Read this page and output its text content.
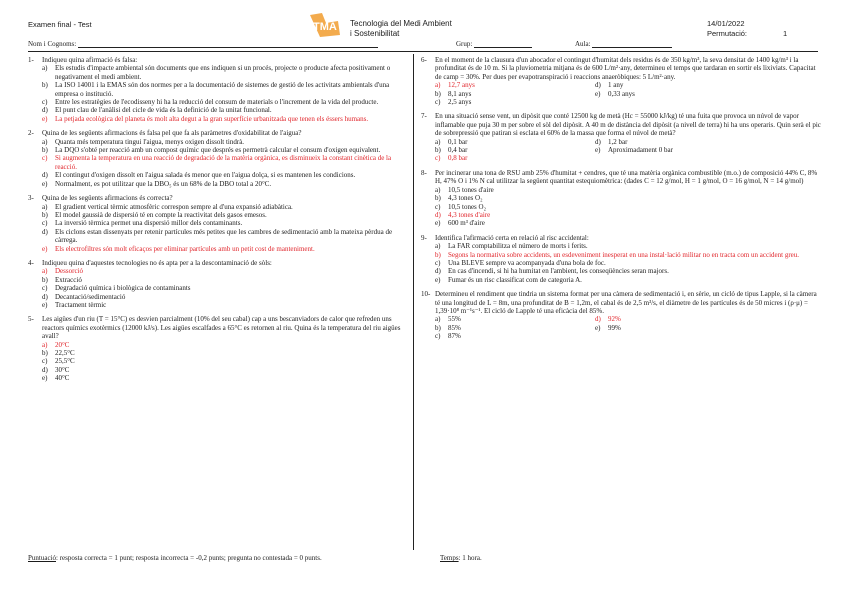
Examen final - Test	TMA Tecnologia del Medi Ambient
i Sostenibilitat
14/01/2022
Permutació:	1
Nom i Cognoms:	Grup:	Aula:
1- Indiqueu quina afirmació és falsa:
a) Els estudis d'impacte ambiental són documents que ens indiquen si un procés, projecte o producte afecta positivament o negativament el medi ambient.
b) La ISO 14001 i la EMAS són dos normes per a la documentació de sistemes de gestió de les activitats ambientals d'una empresa o institució.
c) Entre les estratègies de l'ecodisseny hi ha la reducció del consum de materials o l'increment de la vida del producte.
d) El punt clau de l'anàlisi del cicle de vida és la definició de la unitat funcional.
e) La petjada ecològica del planeta és molt alta degut a la gran superfície urbanitzada que tenen els éssers humans.
2- Quina de les següents afirmacions és falsa pel que fa als paràmetres d'oxidabilitat de l'aigua?
a) Quanta més temperatura tingui l'aigua, menys oxigen dissolt tindrà.
b) La DQO s'obté per reacció amb un compost químic que després es permetrà calcular el consum d'oxigen equivalent.
c) Si augmenta la temperatura en una reacció de degradació de la matèria orgànica, es disminueix la constant cinètica de la reacció.
d) El contingut d'oxigen dissolt en l'aigua salada és menor que en l'aigua dolça, si es mantenen les condicions.
e) Normalment, es pot utilitzar que la DBO₅ és un 68% de la DBO total a 20°C.
3- Quina de les següents afirmacions és correcta?
a) El gradient vertical tèrmic atmosfèric correspon sempre al d'una expansió adiabàtica.
b) El model gaussià de dispersió té en compte la reactivitat dels gasos emesos.
c) La inversió tèrmica permet una dispersió millor dels contaminants.
d) Els ciclons estan dissenyats per retenir partícules més petites que les cambres de sedimentació amb la mateixa pèrdua de càrrega.
e) Els electrofiltres són molt eficaços per eliminar partícules amb un petit cost de manteniment.
4- Indiqueu quina d'aquestes tecnologies no és apta per a la descontaminació de sòls:
a) Dessorció
b) Extracció
c) Degradació química i biològica de contaminants
d) Decantació/sedimentació
e) Tractament tèrmic
5- Les aigües d'un riu (T = 15°C) es desvien parcialment (10% del seu cabal) cap a uns bescanviadors de calor que refreden uns reactors químics exotèrmics (12000 kJ/s). Les aigües escalfades a 65°C es retornen al riu. Quina és la temperatura del riu aigües avall?
a) 20°C
b) 22,5°C
c) 25,5°C
d) 30°C
e) 40°C
6- En el moment de la clausura d'un abocador el contingut d'humitat dels residus és de 350 kg/m³, la seva densitat de 1400 kg/m³ i la profunditat és de 10 m. Si la pluviometria mitjana és de 600 L/m²·any, determineu el temps que tardaran en sortir els lixiviats. Capacitat de camp = 30%. Per dues per evapotranspiració i reaccions anaeròbiques: 5 L/m²·any.
a) 12,7 anys	d) 1 any
b) 8,1 anys	e) 0,33 anys
c) 2,5 anys
7- En una situació sense vent, un dipòsit que conté 12500 kg de metà (Hc = 55000 kJ/kg) té una fuita que provoca un núvol de vapor inflamable que puja 30 m per sobre el sòl del dipòsit. A 40 m de distància del dipòsit (a nivell de terra) hi ha uns operaris. Quin serà el pic de sobrepressió que patiran si esclata el 60% de la massa que forma el núvol de metà?
a) 0,1 bar	d) 1,2 bar
b) 0,4 bar	e) Aproximadament 0 bar
c) 0,8 bar
8- Per incinerar una tona de RSU amb 25% d'humitat + cendres, que té una matèria orgànica combustible (m.o.) de composició 44% C, 8% H, 47% O i 1% N cal utilitzar la següent quantitat estequiomètrica: (dades C = 12 g/mol, H = 1 g/mol, O = 16 g/mol, N = 14 g/mol)
a) 10,5 tones d'aire
b) 4,3 tones O₂
c) 10,5 tones O₂
d) 4,3 tones d'aire
e) 600 m³ d'aire
9- Identifica l'afirmació certa en relació al risc accidental:
a) La FAR comptabilitza el número de morts i ferits.
b) Segons la normativa sobre accidents, un esdeveniment inesperat en una instal·lació militar no en tracta com un accident greu.
c) Una BLEVE sempre va acompanyada d'una bola de foc.
d) En cas d'incendi, si hi ha humitat en l'ambient, les conseqüències seran majors.
e) Fumar és un risc classificat com de categoria A.
10- Determineu el rendiment que tindria un sistema format per una càmera de sedimentació i, en sèrie, un cicló de tipus Lapple, si la càmera té una longitud de L = 8m, una profunditat de B = 1,2m, el cabal és de 2,5 m³/s, el diàmetre de les partícules és de 50 micres i (ρ·μ) = 1,39·10⁸ m⁻¹s⁻¹. El cicló de Lapple té una eficàcia del 85%.
a) 55%	d) 92%
b) 85%	e) 99%
c) 87%
Puntuació: resposta correcta = 1 punt; resposta incorrecta = -0,2 punts; pregunta no contestada = 0 punts.	Temps: 1 hora.
